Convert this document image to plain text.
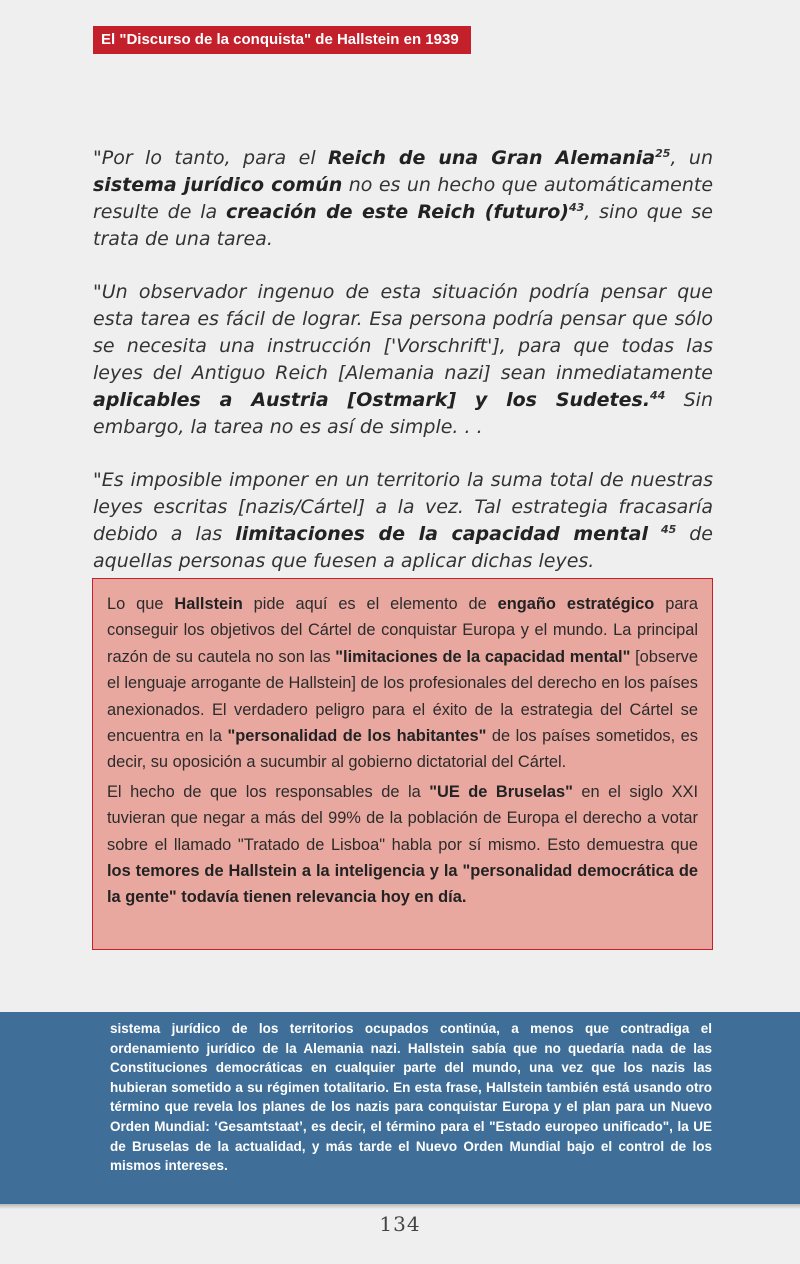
El "Discurso de la conquista" de Hallstein en 1939

"Por lo tanto, para el Reich de una Gran Alemania$^{25}$, un sistema jurídico común no es un hecho que automáticamente resulte de la creación de este Reich (futuro)$^{43}$, sino que se trata de una tarea.

"Un observador ingenuo de esta situación podría pensar que esta tarea es fácil de lograr. Esa persona podría pensar que sólo se necesita una instrucción ['Vorschrift'], para que todas las leyes del Antiguo Reich [Alemania nazi] sean inmediatamente aplicables a Austria [Ostmark] y los Sudetes.$^{44}$ Sin embargo, la tarea no es así de simple. . .

"Es imposible imponer en un territorio la suma total de nuestras leyes escritas [nazis/Cártel] a la vez. Tal estrategia fracasaría debido a las limitaciones de la capacidad mental $^{45}$ de aquellas personas que fuesen a aplicar dichas leyes.

Lo que Hallstein pide aquí es el elemento de engaño estratégico para conseguir los objetivos del Cártel de conquistar Europa y el mundo. La principal razón de su cautela no son las "limitaciones de la capacidad mental" [observe el lenguaje arrogante de Hallstein] de los profesionales del derecho en los países anexionados. El verdadero peligro para el éxito de la estrategia del Cártel se encuentra en la "personalidad de los habitantes" de los países sometidos, es decir, su oposición a sucumbir al gobierno dictatorial del Cártel.

El hecho de que los responsables de la "UE de Bruselas" en el siglo XXI tuvieran que negar a más del 99% de la población de Europa el derecho a votar sobre el llamado "Tratado de Lisboa" habla por sí mismo. Esto demuestra que los temores de Hallstein a la inteligencia y la "personalidad democrática de la gente" todavía tienen relevancia hoy en día.

sistema jurídico de los territorios ocupados continúa, a menos que contradiga el ordenamiento jurídico de la Alemania nazi. Hallstein sabía que no quedaría nada de las Constituciones democráticas en cualquier parte del mundo, una vez que los nazis las hubieran sometido a su régimen totalitario. En esta frase, Hallstein también está usando otro término que revela los planes de los nazis para conquistar Europa y el plan para un Nuevo Orden Mundial: ‘Gesamtstaat’, es decir, el término para el "Estado europeo unificado", la UE de Bruselas de la actualidad, y más tarde el Nuevo Orden Mundial bajo el control de los mismos intereses.
134
